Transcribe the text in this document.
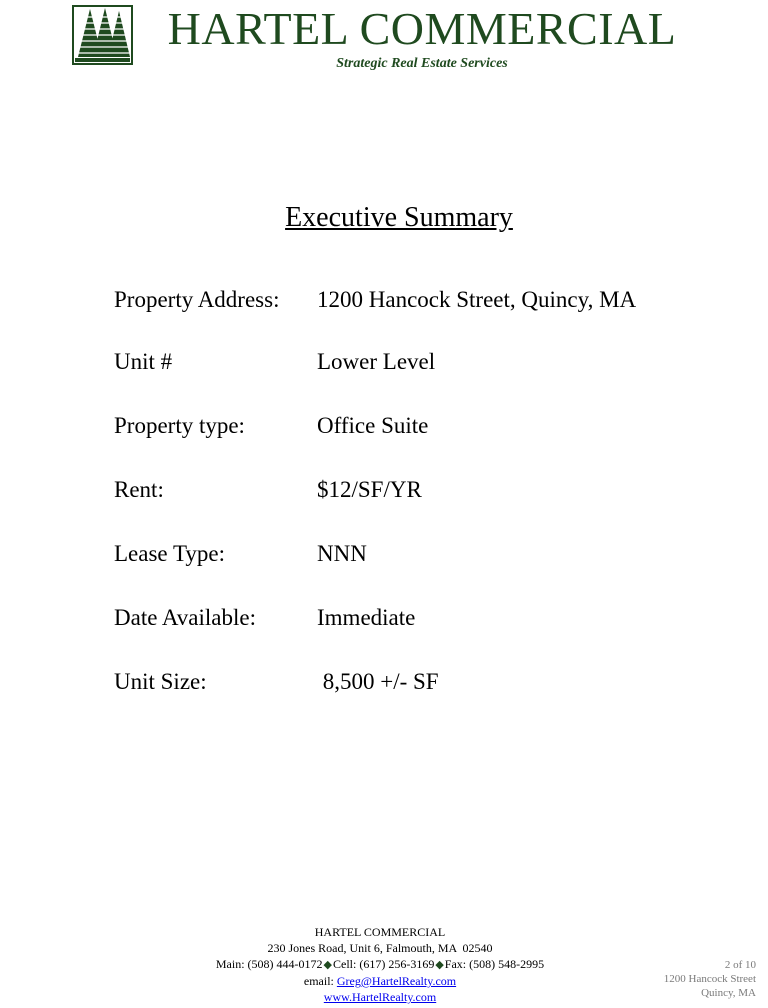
HARTEL COMMERCIAL
Strategic Real Estate Services
Executive Summary
Property Address: 1200 Hancock Street, Quincy, MA
Unit #	Lower Level
Property type:	Office Suite
Rent:	$12/SF/YR
Lease Type:	NNN
Date Available:	Immediate
Unit Size:	8,500 +/- SF
HARTEL COMMERCIAL
230 Jones Road, Unit 6, Falmouth, MA  02540
Main: (508) 444-0172◆Cell: (617) 256-3169◆Fax: (508) 548-2995
email: Greg@HartelRealty.com
www.HartelRealty.com
2 of 10
1200 Hancock Street
Quincy, MA
